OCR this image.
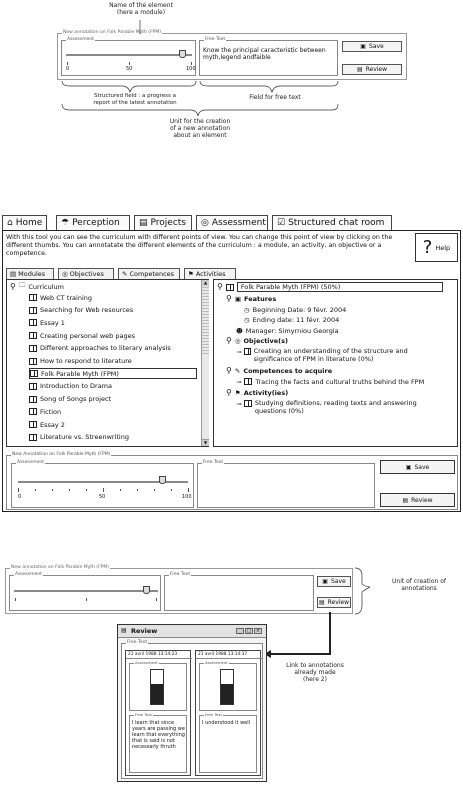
Name of the element
(here a module)
New annotation on Folk Parable Myth (FPM)
Assessment
0	50	100
Free Text
Know the principal caracteristic between myth,legend andfaible
▣ Save
▤ Review
Structured field : a progress a
report of the latest annotation
Field for free text
Unit for the creation
of a new annotation
about an element
⌂ Home ☂ Perception ▤ Projects ◎ Assessment ☑ Structured chat room
With this tool you can see the curriculum with different points of view. You can change this point of view by clicking on the different thumbs. You can annotatate the different elements of the curriculum : a module, an activity, an objective or a competence.	? Help
▤ Modules	◎ Objectives	✎ Competences ⚑ Activities
⚲ 🗀 Curriculum
Web CT training
Searching for Web resources
Essay 1
Creating personal web pages
Different approaches to literary analysis
How to respond to literature
Folk Parable Myth (FPM)
Introduction to Drama
Song of Songs project
Fiction
Essay 2
Literature vs. Streenwriting
▲
▼
⚲	Folk Parable Myth (FPM) (50%)
⚲ ▣ Features
◷ Beginning Date: 9 févr. 2004
◷ Ending date: 11 févr. 2004
☻ Manager: Simyrniou Georgia
⚲ ◎ Objective(s)
⊸ Creating an understanding of the structure and significance of FPM in literature (0%)
⚲ ✎ Competences to acquire
⊸ Tracing the facts and cultural truths behind the FPM
⚲ ⚑ Activity(ies)
⊸ Studying definitions, reading texts and answering questions (0%)
New Annotation on Folk Parable Myth (FPM)
Assessment
0	50	100
Free Text
▣ Save
▤ Review
New annotation on Folk Parable Myth (FPM)
Assessment	Free Text
▣ Save
▤ Review
Unit of creation of
annotations
Link to annotations
already made
(here 2)
▤ Review	_	□ ×
Free Text
21 avril 1988 13:14:23
Assessment
Free Text
I learn that since years are passing we learn that everything that is said is not necessarly thruth
21 avril 1988 13:14:37
Assessment
Free Text
I understood it well
